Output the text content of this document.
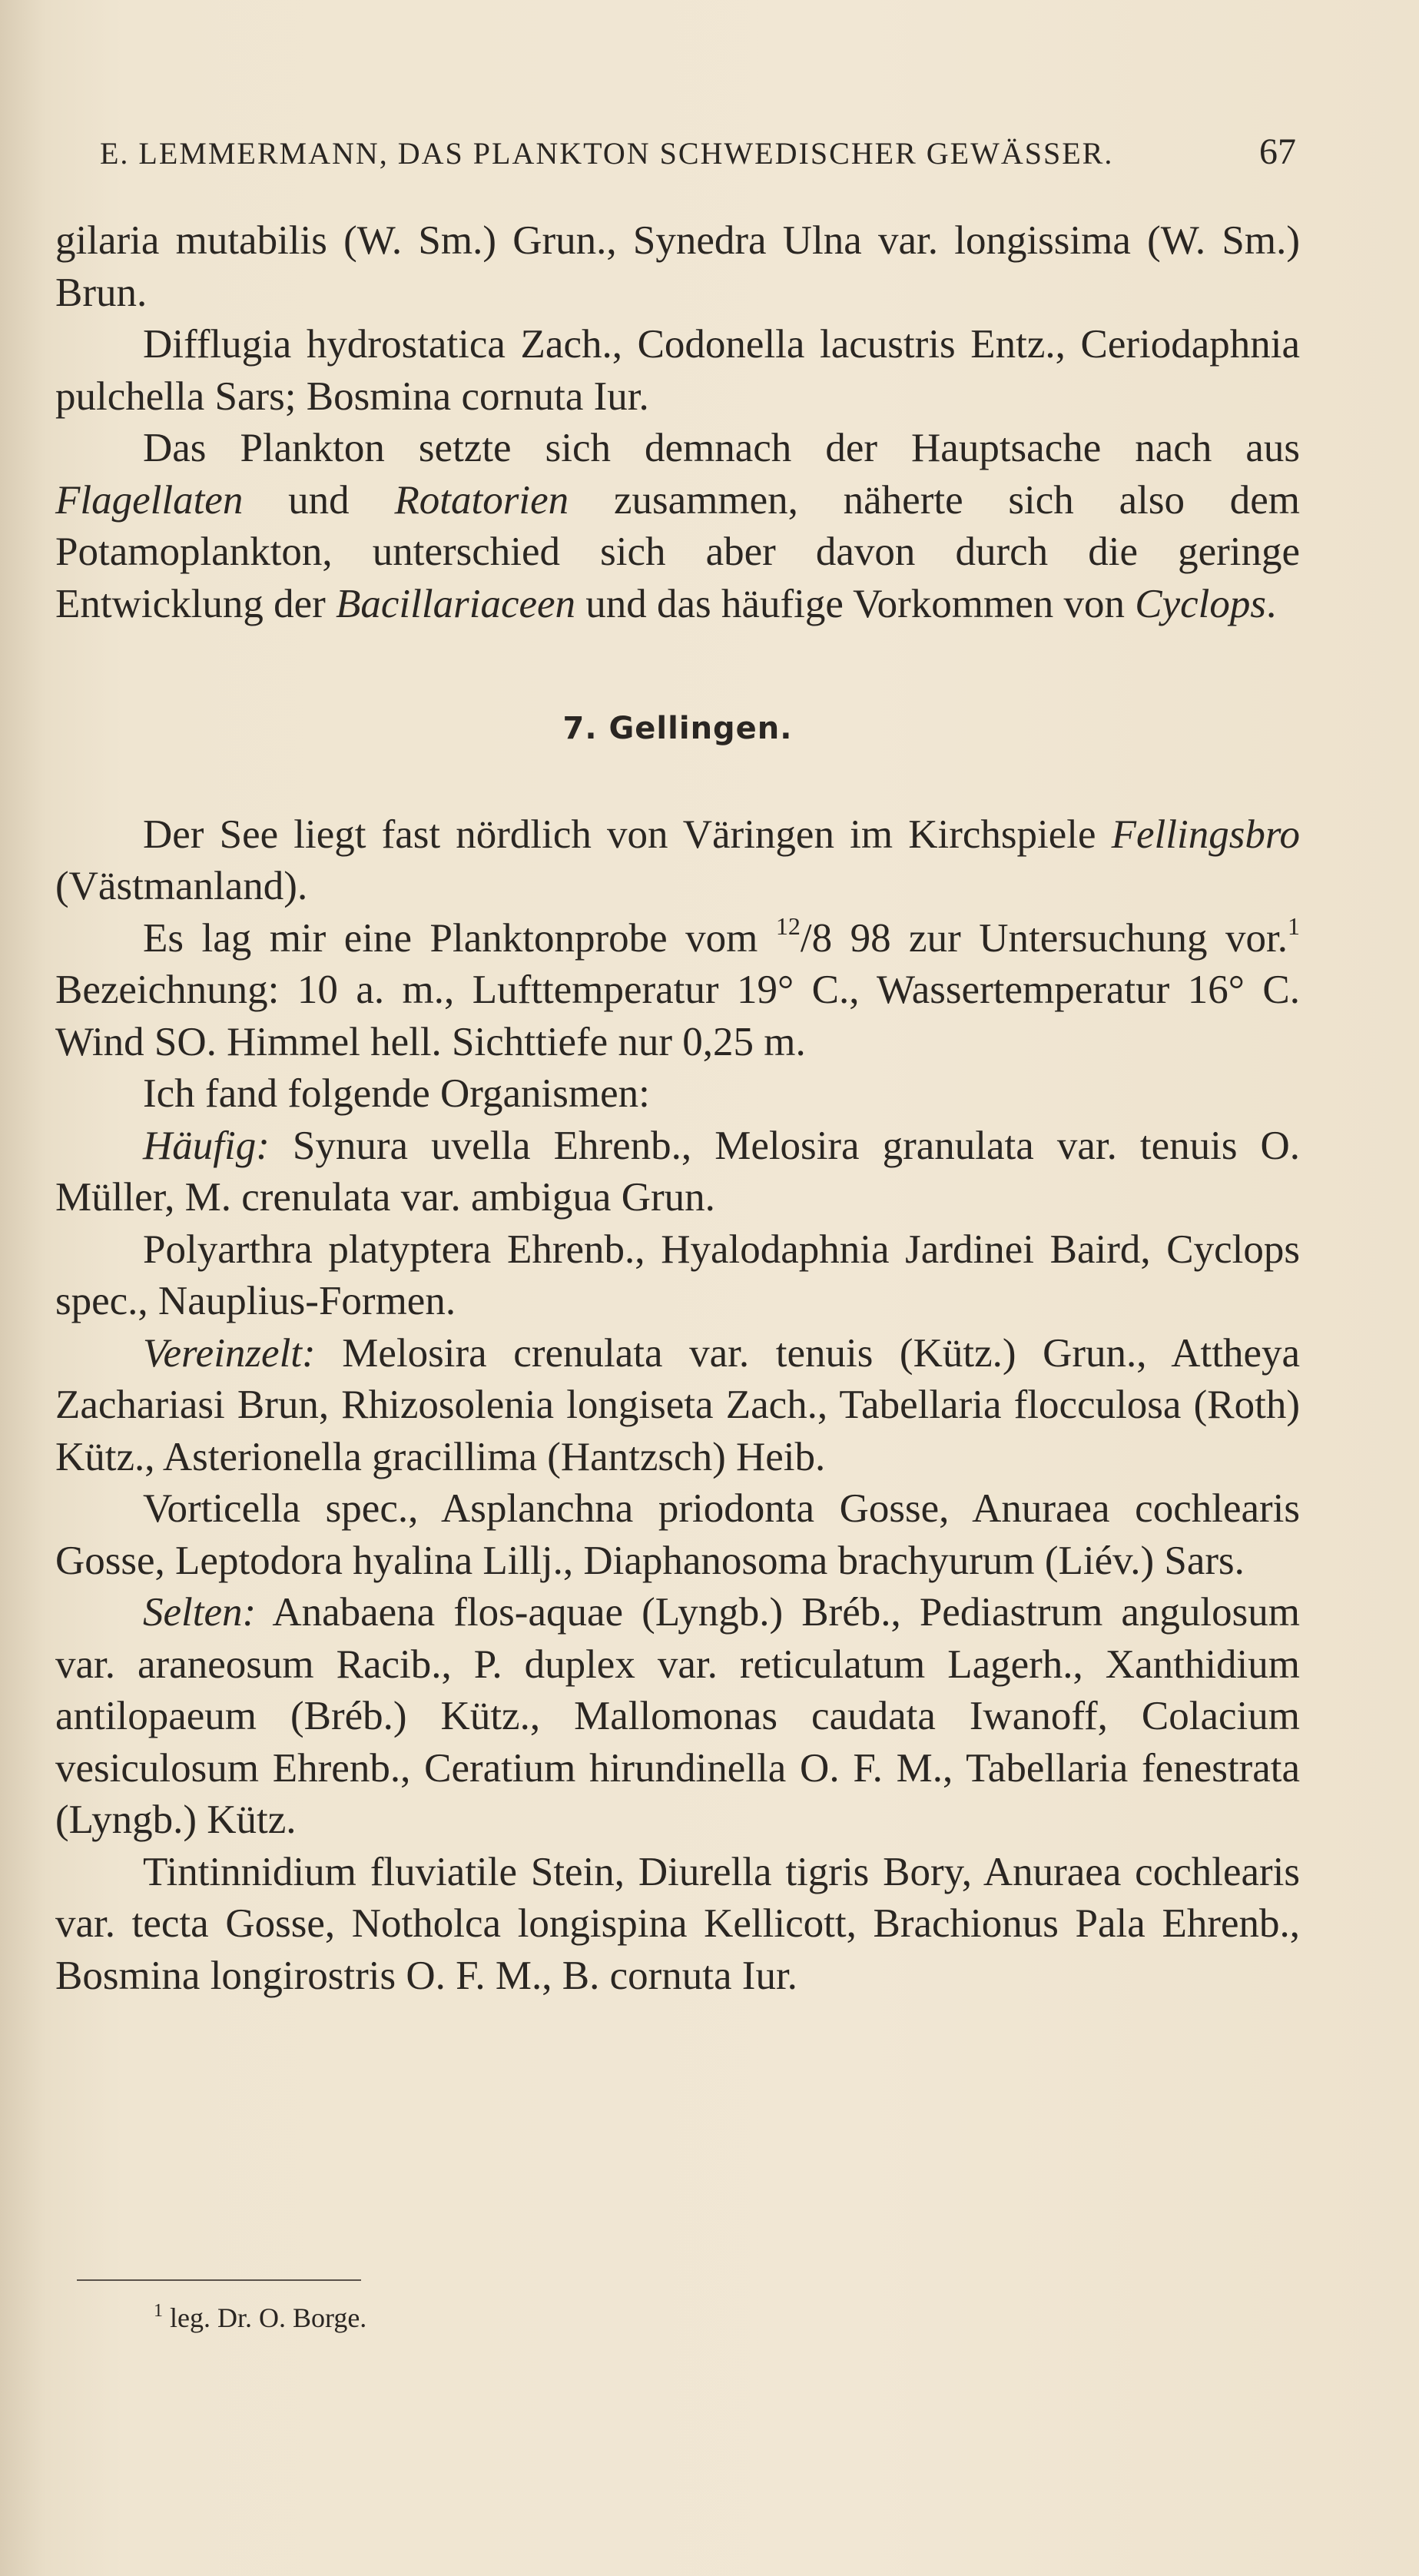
E. LEMMERMANN, DAS PLANKTON SCHWEDISCHER GEWÄSSER.	67

gilaria mutabilis (W. Sm.) Grun., Synedra Ulna var. longissima (W. Sm.) Brun.

Difflugia hydrostatica Zach., Codonella lacustris Entz., Ceriodaphnia pulchella Sars; Bosmina cornuta Iur.

Das Plankton setzte sich demnach der Hauptsache nach aus Flagellaten und Rotatorien zusammen, näherte sich also dem Potamoplankton, unterschied sich aber davon durch die geringe Entwicklung der Bacillariaceen und das häufige Vorkommen von Cyclops.

7. Gellingen.

Der See liegt fast nördlich von Väringen im Kirchspiele Fellingsbro (Västmanland).

Es lag mir eine Planktonprobe vom $^{12}$/8 98 zur Untersuchung vor.$^1$ Bezeichnung: 10 a. m., Lufttemperatur 19° C., Wassertemperatur 16° C. Wind SO. Himmel hell. Sichttiefe nur 0,25 m.

Ich fand folgende Organismen:

Häufig: Synura uvella Ehrenb., Melosira granulata var. tenuis O. Müller, M. crenulata var. ambigua Grun.

Polyarthra platyptera Ehrenb., Hyalodaphnia Jardinei Baird, Cyclops spec., Nauplius-Formen.

Vereinzelt: Melosira crenulata var. tenuis (Kütz.) Grun., Attheya Zachariasi Brun, Rhizosolenia longiseta Zach., Tabellaria flocculosa (Roth) Kütz., Asterionella gracillima (Hantzsch) Heib.

Vorticella spec., Asplanchna priodonta Gosse, Anuraea cochlearis Gosse, Leptodora hyalina Lillj., Diaphanosoma brachyurum (Liév.) Sars.

Selten: Anabaena flos-aquae (Lyngb.) Bréb., Pediastrum angulosum var. araneosum Racib., P. duplex var. reticulatum Lagerh., Xanthidium antilopaeum (Bréb.) Kütz., Mallomonas caudata Iwanoff, Colacium vesiculosum Ehrenb., Ceratium hirundinella O. F. M., Tabellaria fenestrata (Lyngb.) Kütz.

Tintinnidium fluviatile Stein, Diurella tigris Bory, Anuraea cochlearis var. tecta Gosse, Notholca longispina Kellicott, Brachionus Pala Ehrenb., Bosmina longirostris O. F. M., B. cornuta Iur.

$^1$ leg. Dr. O. Borge.
